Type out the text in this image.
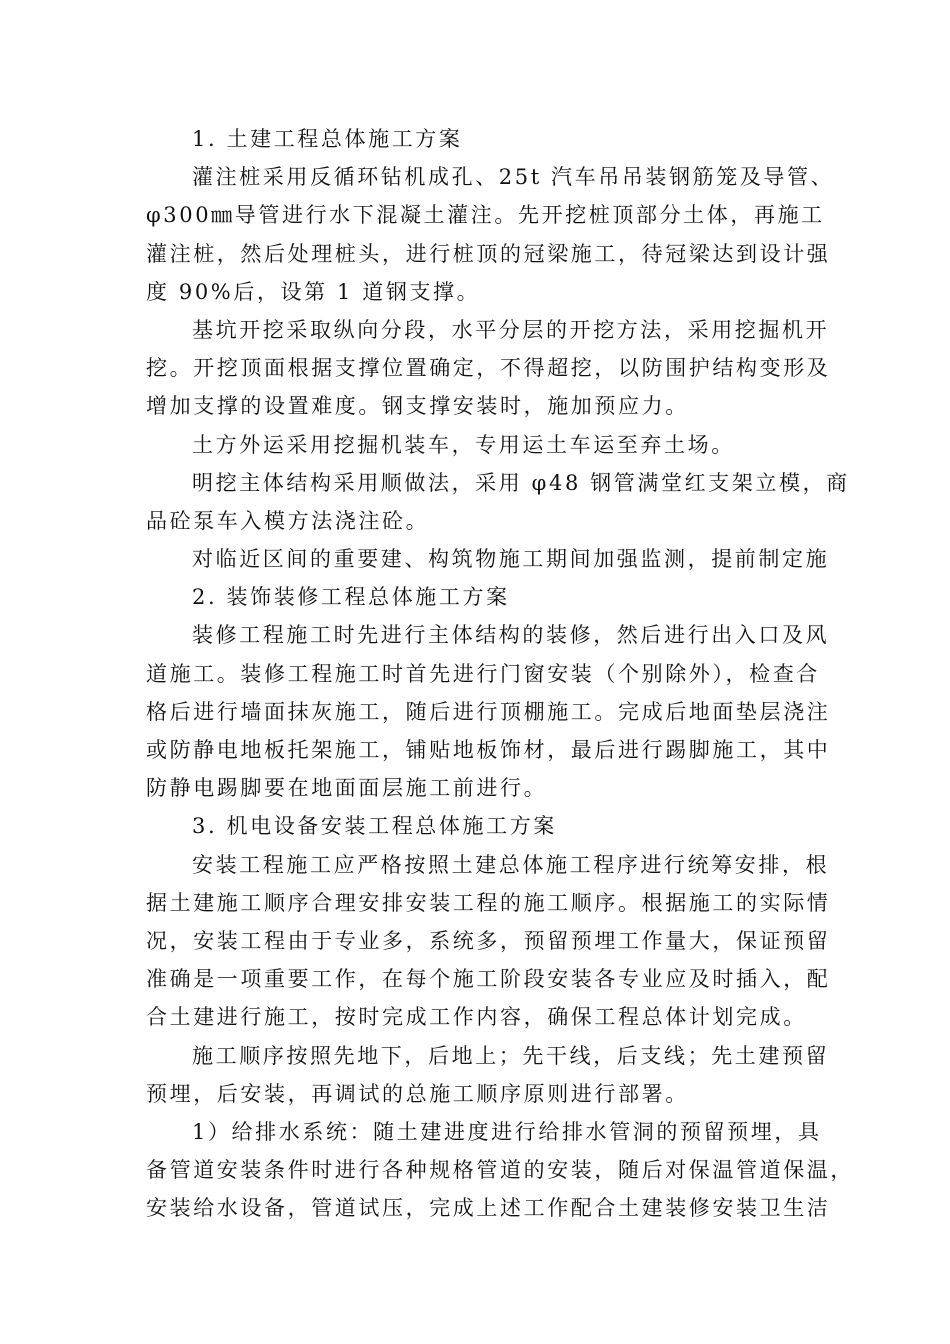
1. 土建工程总体施工方案
灌注桩采用反循环钻机成孔、25t 汽车吊吊装钢筋笼及导管、
φ300㎜导管进行水下混凝土灌注。先开挖桩顶部分土体，再施工
灌注桩，然后处理桩头，进行桩顶的冠梁施工，待冠梁达到设计强
度 90%后，设第 1 道钢支撑。
基坑开挖采取纵向分段，水平分层的开挖方法，采用挖掘机开
挖。开挖顶面根据支撑位置确定，不得超挖，以防围护结构变形及
增加支撑的设置难度。钢支撑安装时，施加预应力。
土方外运采用挖掘机装车，专用运土车运至弃土场。
明挖主体结构采用顺做法，采用 φ48 钢管满堂红支架立模，商
品砼泵车入模方法浇注砼。
对临近区间的重要建、构筑物施工期间加强监测，提前制定施
2. 装饰装修工程总体施工方案
装修工程施工时先进行主体结构的装修，然后进行出入口及风
道施工。装修工程施工时首先进行门窗安装（个别除外），检查合
格后进行墙面抹灰施工，随后进行顶棚施工。完成后地面垫层浇注
或防静电地板托架施工，铺贴地板饰材，最后进行踢脚施工，其中
防静电踢脚要在地面面层施工前进行。
3. 机电设备安装工程总体施工方案
安装工程施工应严格按照土建总体施工程序进行统筹安排，根
据土建施工顺序合理安排安装工程的施工顺序。根据施工的实际情
况，安装工程由于专业多，系统多，预留预埋工作量大，保证预留
准确是一项重要工作，在每个施工阶段安装各专业应及时插入，配
合土建进行施工，按时完成工作内容，确保工程总体计划完成。
施工顺序按照先地下，后地上；先干线，后支线；先土建预留
预埋，后安装，再调试的总施工顺序原则进行部署。
1）给排水系统：随土建进度进行给排水管洞的预留预埋，具
备管道安装条件时进行各种规格管道的安装，随后对保温管道保温，
安装给水设备，管道试压，完成上述工作配合土建装修安装卫生洁
